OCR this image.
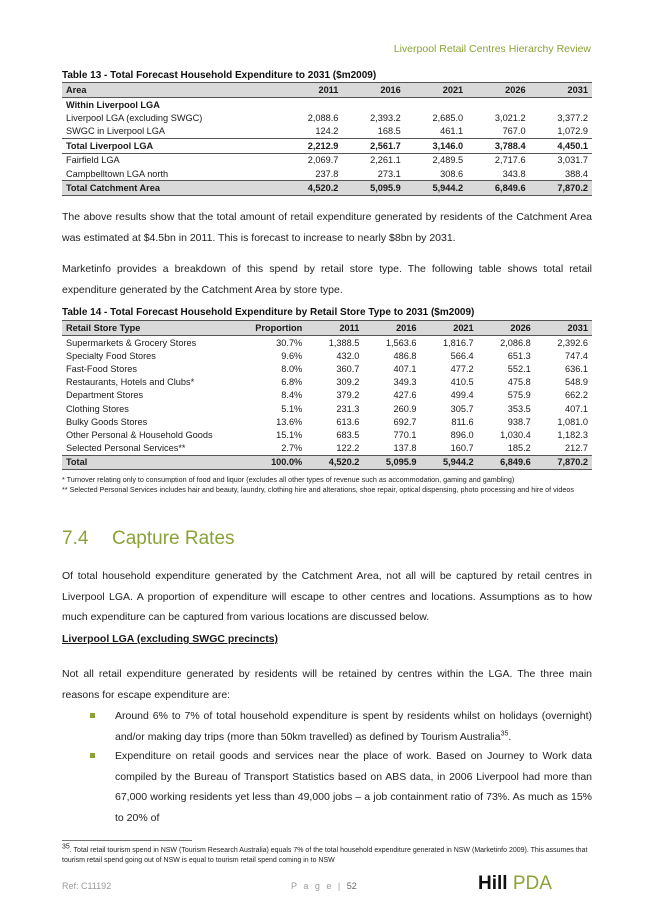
Liverpool Retail Centres Hierarchy Review
Table 13 - Total Forecast Household Expenditure to 2031 ($m2009)
Area	2011	2016	2021	2026	2031
Within Liverpool LGA					
Liverpool LGA (excluding SWGC)	2,088.6	2,393.2	2,685.0	3,021.2	3,377.2
SWGC in Liverpool LGA	124.2	168.5	461.1	767.0	1,072.9
Total Liverpool LGA	2,212.9	2,561.7	3,146.0	3,788.4	4,450.1
Fairfield LGA	2,069.7	2,261.1	2,489.5	2,717.6	3,031.7
Campbelltown LGA north	237.8	273.1	308.6	343.8	388.4
Total Catchment Area	4,520.2	5,095.9	5,944.2	6,849.6	7,870.2
The above results show that the total amount of retail expenditure generated by residents of the Catchment Area was estimated at $4.5bn in 2011. This is forecast to increase to nearly $8bn by 2031.
Marketinfo provides a breakdown of this spend by retail store type. The following table shows total retail expenditure generated by the Catchment Area by store type.
Table 14 - Total Forecast Household Expenditure by Retail Store Type to 2031 ($m2009)
Retail Store Type	Proportion	2011	2016	2021	2026	2031
Supermarkets & Grocery Stores	30.7%	1,388.5	1,563.6	1,816.7	2,086.8	2,392.6
Specialty Food Stores	9.6%	432.0	486.8	566.4	651.3	747.4
Fast-Food Stores	8.0%	360.7	407.1	477.2	552.1	636.1
Restaurants, Hotels and Clubs*	6.8%	309.2	349.3	410.5	475.8	548.9
Department Stores	8.4%	379.2	427.6	499.4	575.9	662.2
Clothing Stores	5.1%	231.3	260.9	305.7	353.5	407.1
Bulky Goods Stores	13.6%	613.6	692.7	811.6	938.7	1,081.0
Other Personal & Household Goods	15.1%	683.5	770.1	896.0	1,030.4	1,182.3
Selected Personal Services**	2.7%	122.2	137.8	160.7	185.2	212.7
Total	100.0%	4,520.2	5,095.9	5,944.2	6,849.6	7,870.2
* Turnover relating only to consumption of food and liquor (excludes all other types of revenue such as accommodation, gaming and gambling)
** Selected Personal Services includes hair and beauty, laundry, clothing hire and alterations, shoe repair, optical dispensing, photo processing and hire of videos
7.4 Capture Rates
Of total household expenditure generated by the Catchment Area, not all will be captured by retail centres in Liverpool LGA. A proportion of expenditure will escape to other centres and locations. Assumptions as to how much expenditure can be captured from various locations are discussed below.
Liverpool LGA (excluding SWGC precincts)
Not all retail expenditure generated by residents will be retained by centres within the LGA. The three main reasons for escape expenditure are:
Around 6% to 7% of total household expenditure is spent by residents whilst on holidays (overnight) and/or making day trips (more than 50km travelled) as defined by Tourism Australia$^{35}$.
Expenditure on retail goods and services near the place of work. Based on Journey to Work data compiled by the Bureau of Transport Statistics based on ABS data, in 2006 Liverpool had more than 67,000 working residents yet less than 49,000 jobs – a job containment ratio of 73%. As much as 15% to 20% of
$^{35}$. Total retail tourism spend in NSW (Tourism Research Australia) equals 7% of the total household expenditure generated in NSW (Marketinfo 2009). This assumes that tourism retail spend going out of NSW is equal to tourism retail spend coming in to NSW
Ref: C11192	P a g e | 52	Hill PDA
